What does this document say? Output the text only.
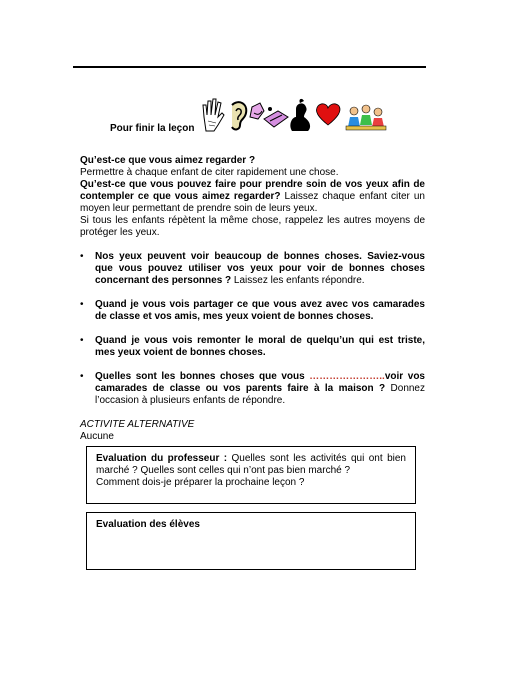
Pour finir la leçon

Qu’est-ce que vous aimez regarder ?

Permettre à chaque enfant de citer rapidement une chose.

Qu’est-ce que vous pouvez faire pour prendre soin de vos yeux afin de contempler ce que vous aimez regarder? Laissez chaque enfant citer un moyen leur permettant de prendre soin de leurs yeux.

Si tous les enfants répètent la même chose, rappelez les autres moyens de protéger les yeux.

• Nos yeux peuvent voir beaucoup de bonnes choses. Saviez-vous que vous pouvez utiliser vos yeux pour voir de bonnes choses concernant des personnes ? Laissez les enfants répondre.
• Quand je vous vois partager ce que vous avez avec vos camarades de classe et vos amis, mes yeux voient de bonnes choses.
• Quand je vous vois remonter le moral de quelqu’un qui est triste, mes yeux voient de bonnes choses.
• Quelles sont les bonnes choses que vous …………………..voir vos camarades de classe ou vos parents faire à la maison ? Donnez l’occasion à plusieurs enfants de répondre.

ACTIVITE ALTERNATIVE

Aucune

Evaluation du professeur : Quelles sont les activités qui ont bien marché ? Quelles sont celles qui n’ont pas bien marché ?
Comment dois-je préparer la prochaine leçon ?
Evaluation des élèves
